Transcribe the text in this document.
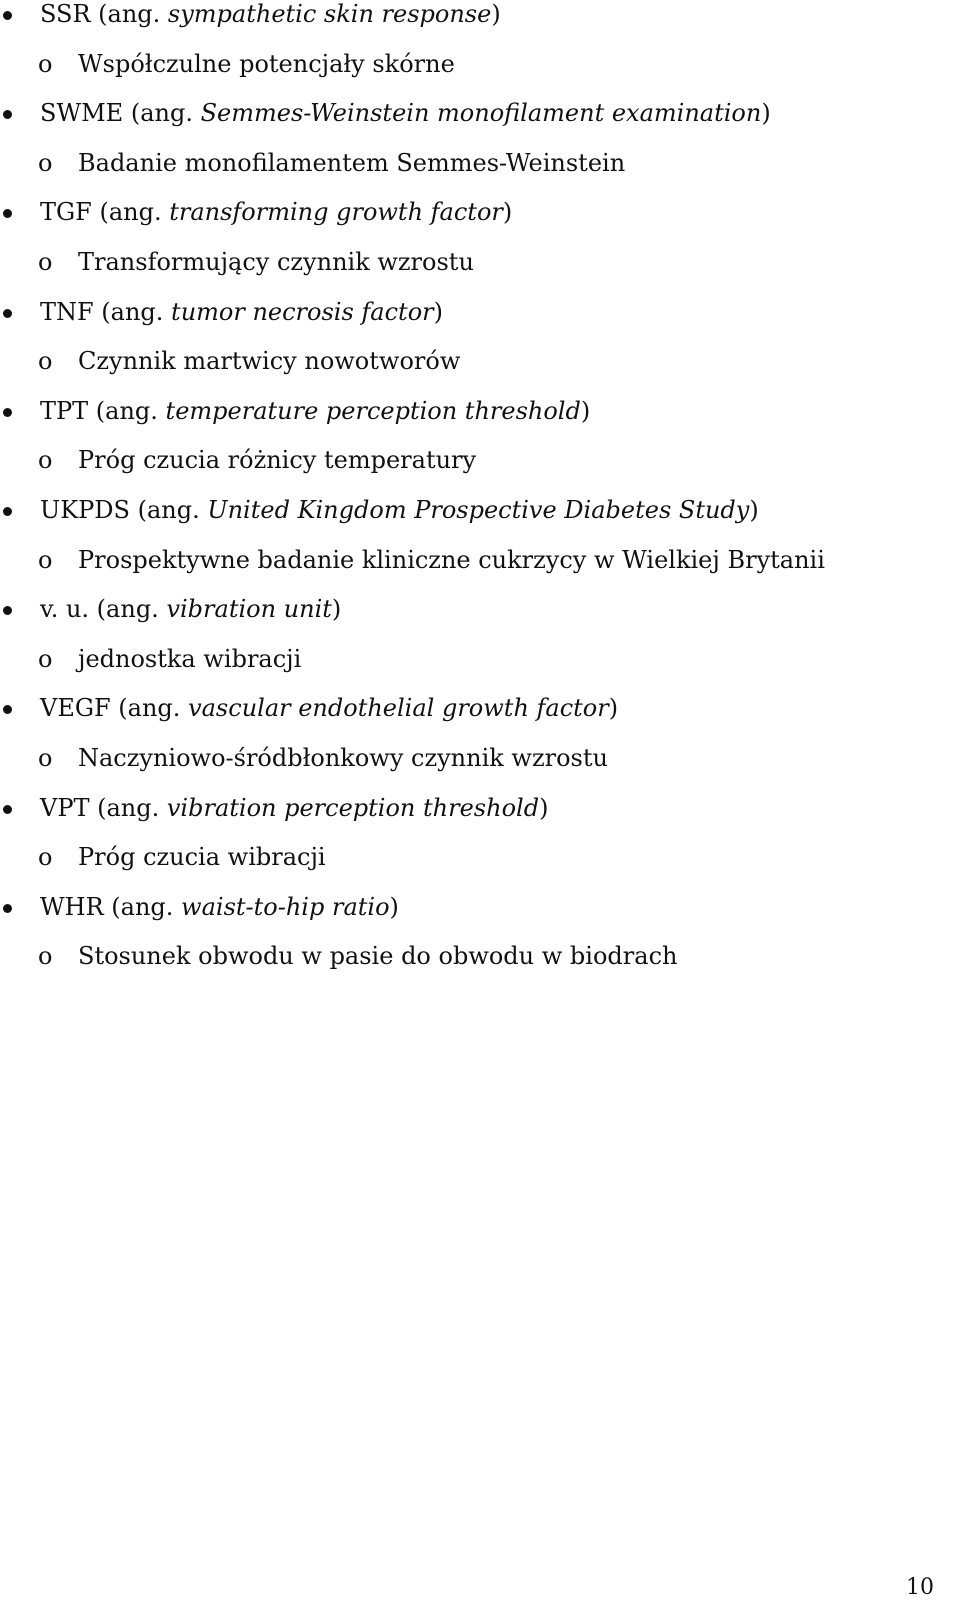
SSR (ang. sympathetic skin response)
o Współczulne potencjały skórne
SWME (ang. Semmes-Weinstein monofilament examination)
o Badanie monofilamentem Semmes-Weinstein
TGF (ang. transforming growth factor)
o Transformujący czynnik wzrostu
TNF (ang. tumor necrosis factor)
o Czynnik martwicy nowotworów
TPT (ang. temperature perception threshold)
o Próg czucia różnicy temperatury
UKPDS (ang. United Kingdom Prospective Diabetes Study)
o Prospektywne badanie kliniczne cukrzycy w Wielkiej Brytanii
v. u. (ang. vibration unit)
o jednostka wibracji
VEGF (ang. vascular endothelial growth factor)
o Naczyniowo-śródbłonkowy czynnik wzrostu
VPT (ang. vibration perception threshold)
o Próg czucia wibracji
WHR (ang. waist-to-hip ratio)
o Stosunek obwodu w pasie do obwodu w biodrach
10
